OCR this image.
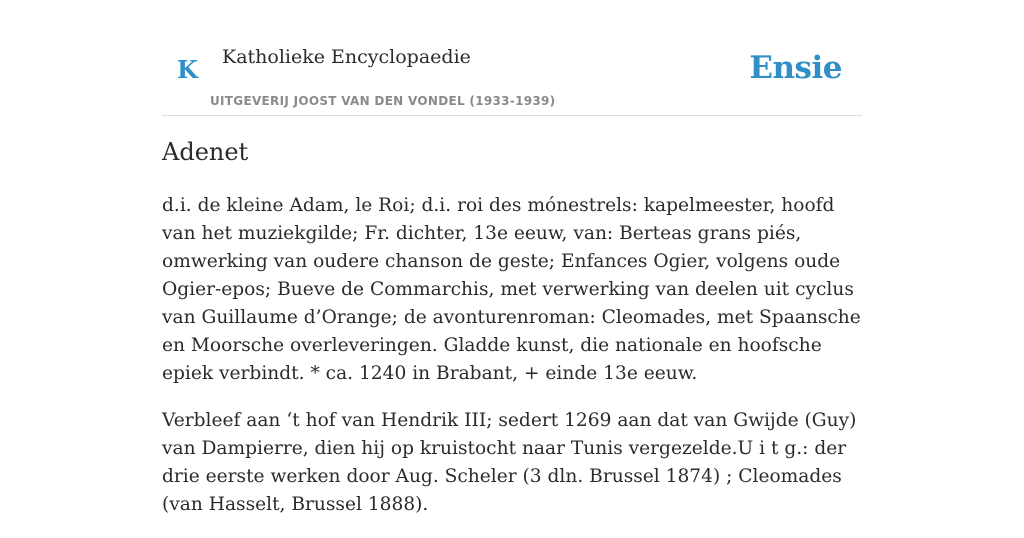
K Katholieke Encyclopaedie
UITGEVERIJ JOOST VAN DEN VONDEL (1933-1939)
Ensie
Adenet

d.i. de kleine Adam, le Roi; d.i. roi des mónestrels: kapelmeester, hoofd van het muziekgilde; Fr. dichter, 13e eeuw, van: Berteas grans piés, omwerking van oudere chanson de geste; Enfances Ogier, volgens oude Ogier-epos; Bueve de Commarchis, met verwerking van deelen uit cyclus van Guillaume d’Orange; de avonturenroman: Cleomades, met Spaansche en Moorsche overleveringen. Gladde kunst, die nationale en hoofsche epiek verbindt. * ca. 1240 in Brabant, + einde 13e eeuw.

Verbleef aan ‘t hof van Hendrik III; sedert 1269 aan dat van Gwijde (Guy) van Dampierre, dien hij op kruistocht naar Tunis vergezelde.U i t g.: der drie eerste werken door Aug. Scheler (3 dln. Brussel 1874) ; Cleomades (van Hasselt, Brussel 1888).
